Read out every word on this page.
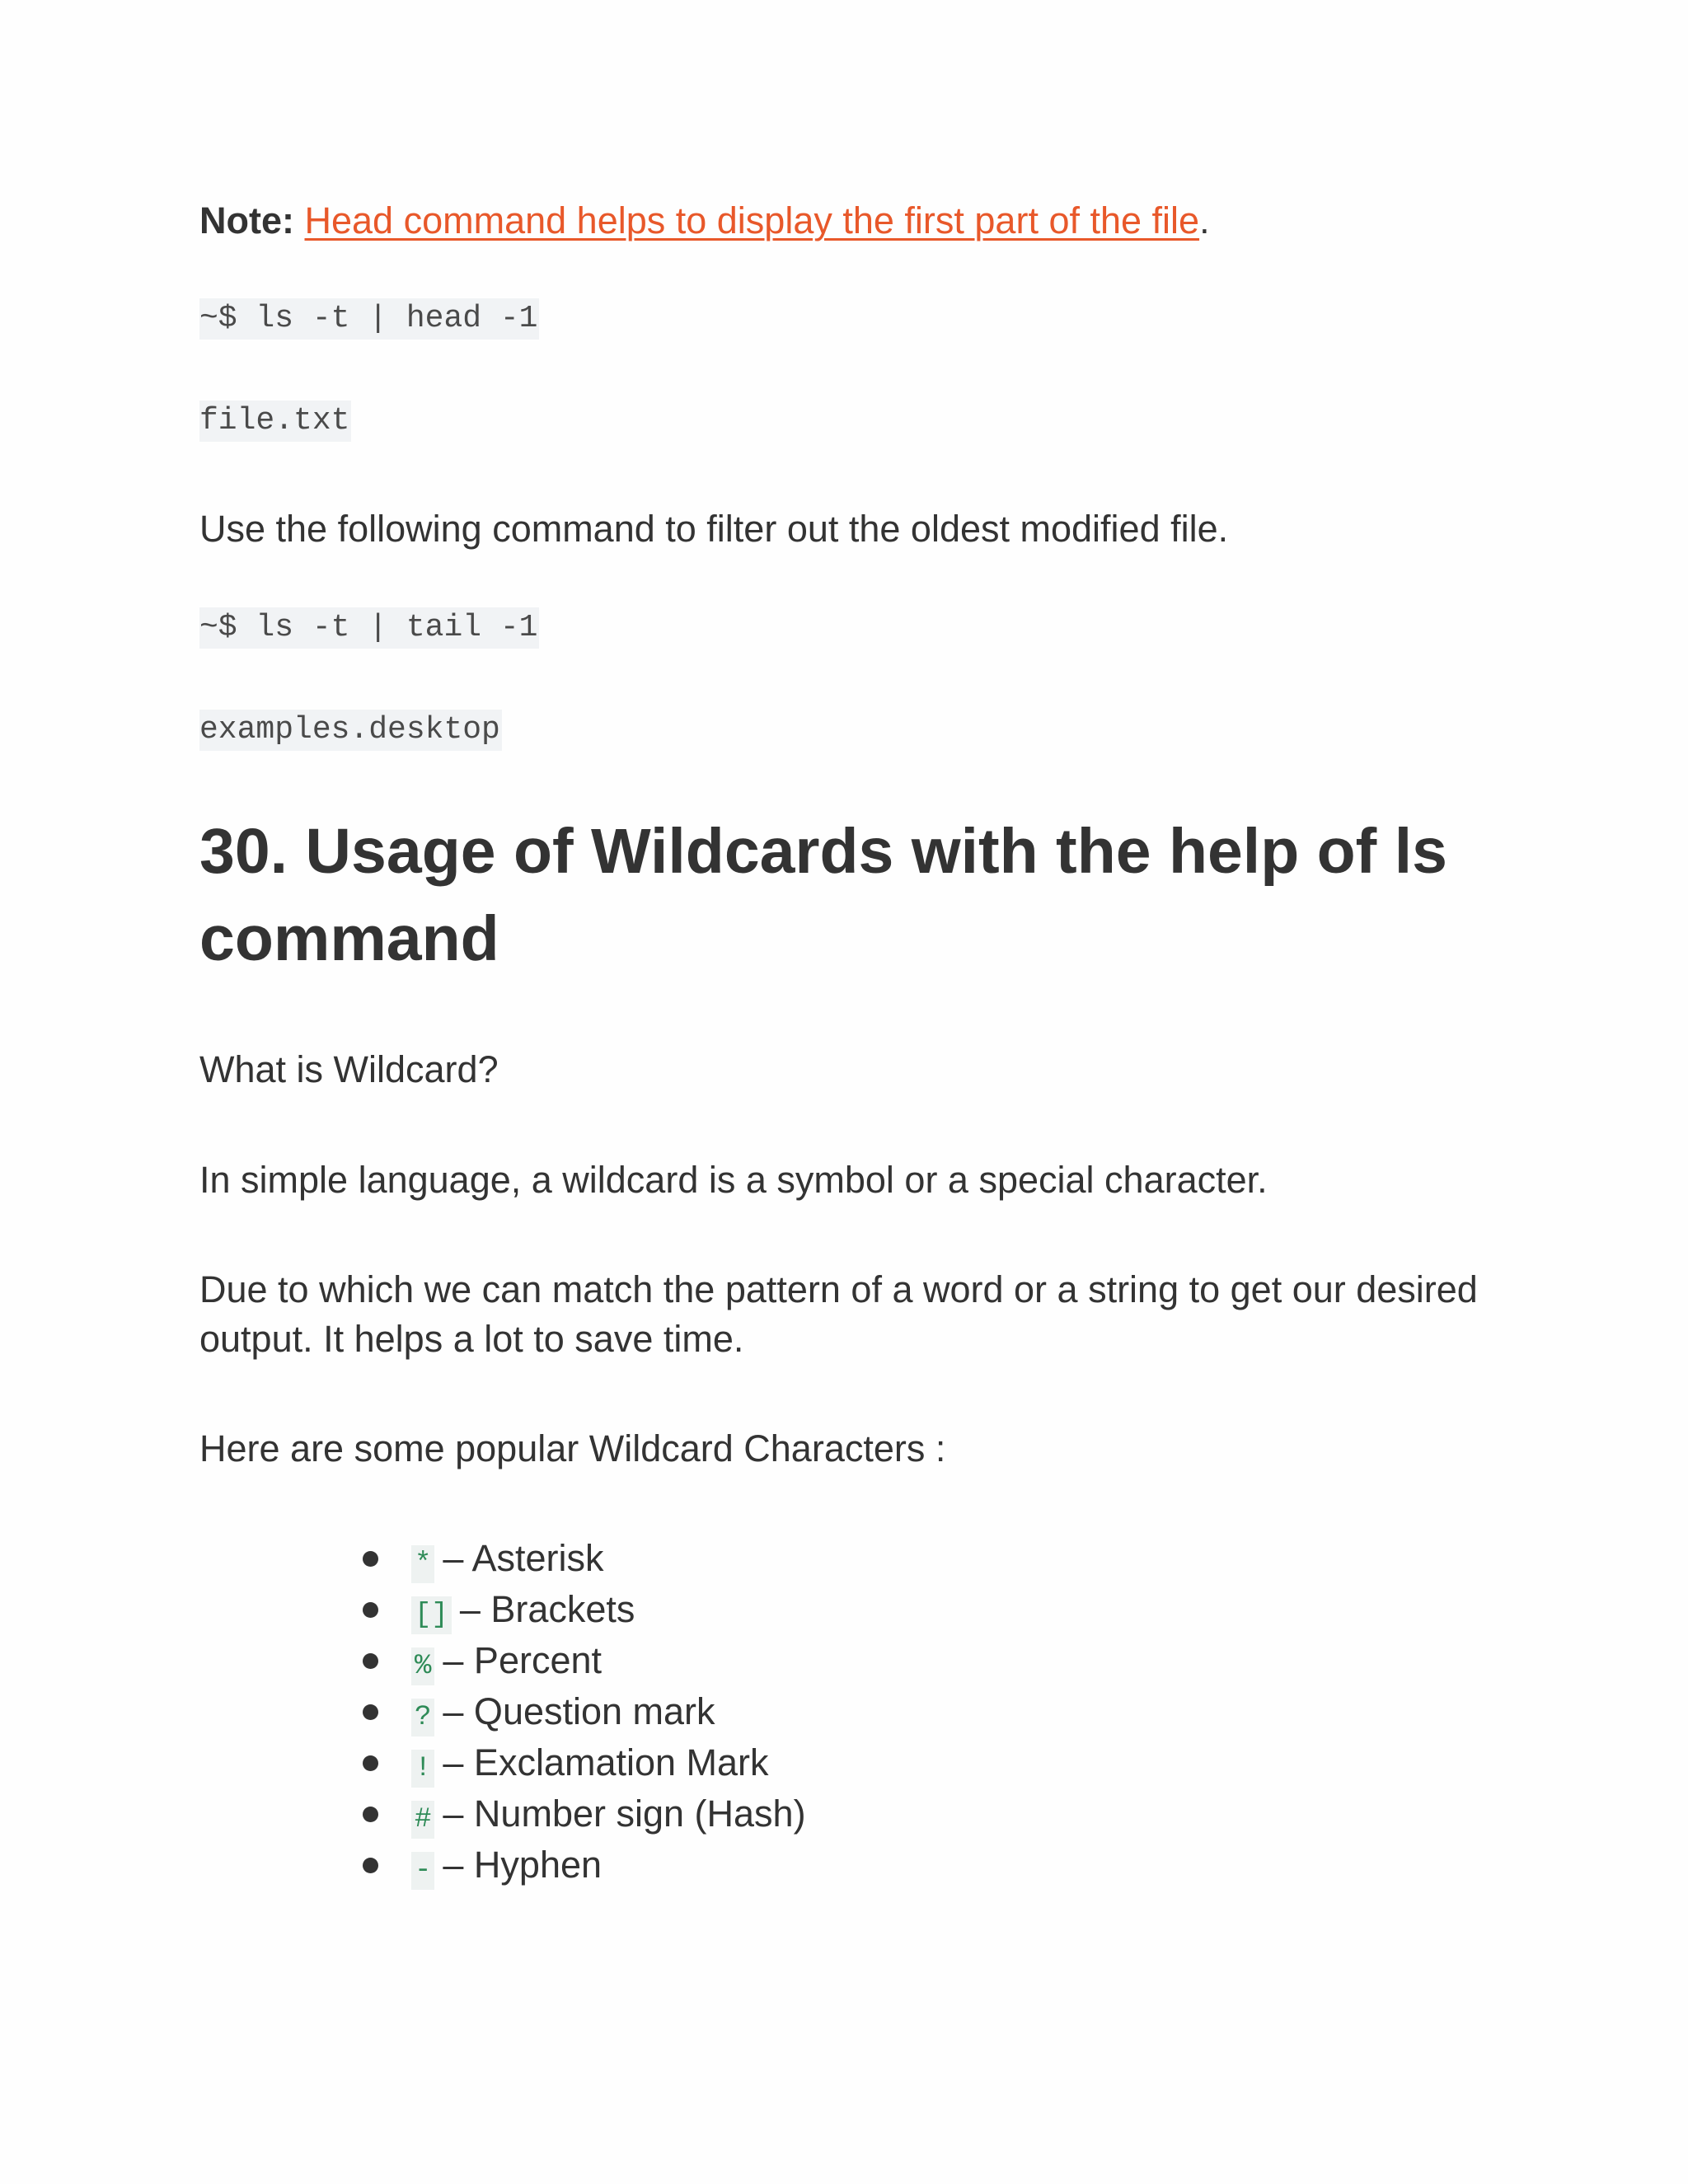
Note: Head command helps to display the first part of the file.
~$ ls -t | head -1
file.txt
Use the following command to filter out the oldest modified file.
~$ ls -t | tail -1
examples.desktop
30. Usage of Wildcards with the help of ls command
What is Wildcard?
In simple language, a wildcard is a symbol or a special character.
Due to which we can match the pattern of a word or a string to get our desired output. It helps a lot to save time.
Here are some popular Wildcard Characters :
* – Asterisk
[] – Brackets
% – Percent
? – Question mark
! – Exclamation Mark
# – Number sign (Hash)
- – Hyphen
